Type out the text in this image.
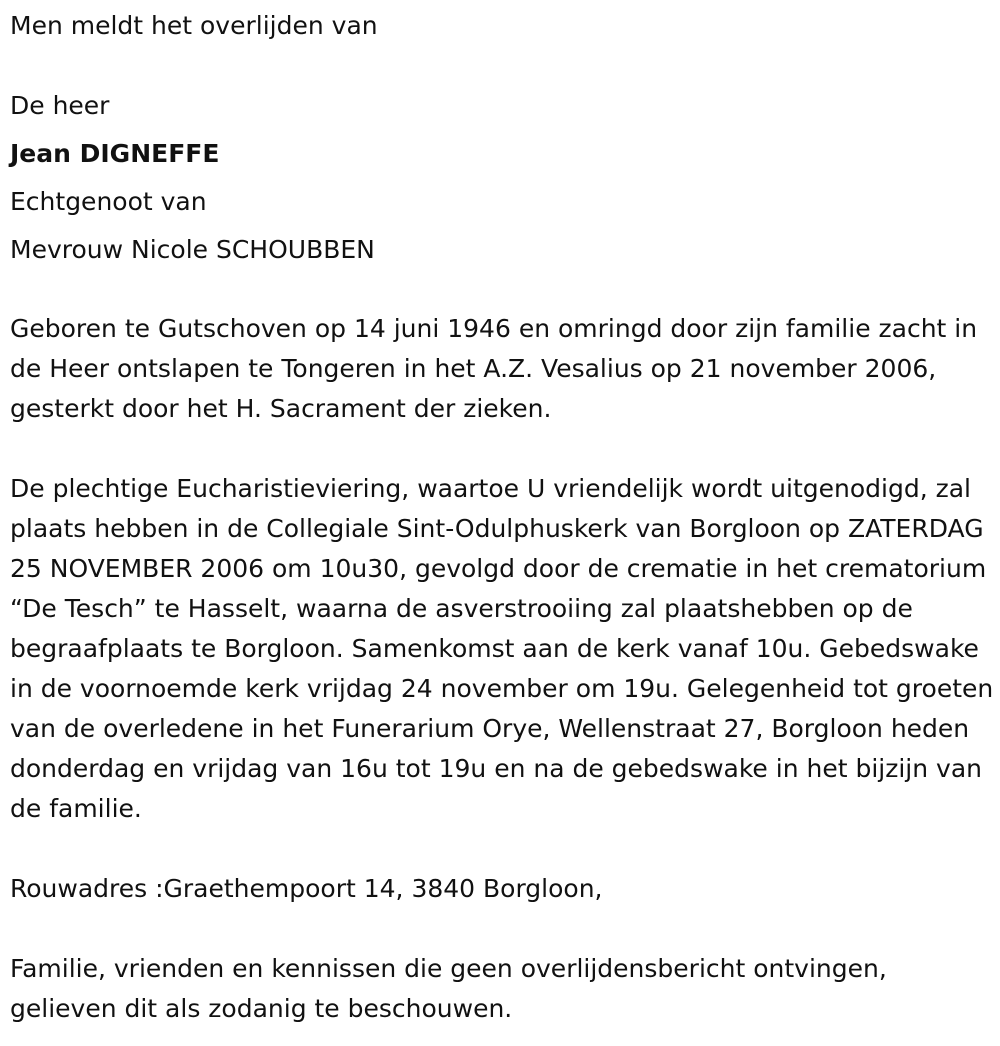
Men meldt het overlijden van

De heer

Jean DIGNEFFE

Echtgenoot van

Mevrouw Nicole SCHOUBBEN

Geboren te Gutschoven op 14 juni 1946 en omringd door zijn familie zacht in de Heer ontslapen te Tongeren in het A.Z. Vesalius op 21 november 2006, gesterkt door het H. Sacrament der zieken.

De plechtige Eucharistieviering, waartoe U vriendelijk wordt uitgenodigd, zal plaats hebben in de Collegiale Sint-Odulphuskerk van Borgloon op ZATERDAG 25 NOVEMBER 2006 om 10u30, gevolgd door de crematie in het crematorium “De Tesch” te Hasselt, waarna de asverstrooiing zal plaatshebben op de begraafplaats te Borgloon. Samenkomst aan de kerk vanaf 10u. Gebedswake in de voornoemde kerk vrijdag 24 november om 19u. Gelegenheid tot groeten van de overledene in het Funerarium Orye, Wellenstraat 27, Borgloon heden donderdag en vrijdag van 16u tot 19u en na de gebedswake in het bijzijn van de familie.

Rouwadres :Graethempoort 14, 3840 Borgloon,

Familie, vrienden en kennissen die geen overlijdensbericht ontvingen, gelieven dit als zodanig te beschouwen.
